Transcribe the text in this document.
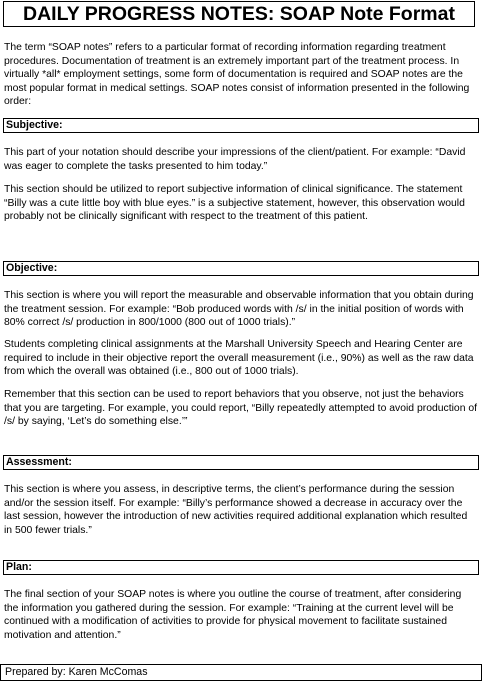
DAILY PROGRESS NOTES: SOAP Note Format

The term “SOAP notes” refers to a particular format of recording information regarding treatment procedures. Documentation of treatment is an extremely important part of the treatment process. In virtually *all* employment settings, some form of documentation is required and SOAP notes are the most popular format in medical settings. SOAP notes consist of information presented in the following order:

Subjective:

This part of your notation should describe your impressions of the client/patient. For example: “David was eager to complete the tasks presented to him today.”

This section should be utilized to report subjective information of clinical significance. The statement “Billy was a cute little boy with blue eyes.” is a subjective statement, however, this observation would probably not be clinically significant with respect to the treatment of this patient.

Objective:

This section is where you will report the measurable and observable information that you obtain during the treatment session. For example: “Bob produced words with /s/ in the initial position of words with 80% correct /s/ production in 800/1000 (800 out of 1000 trials).”

Students completing clinical assignments at the Marshall University Speech and Hearing Center are required to include in their objective report the overall measurement (i.e., 90%) as well as the raw data from which the overall was obtained (i.e., 800 out of 1000 trials).

Remember that this section can be used to report behaviors that you observe, not just the behaviors that you are targeting. For example, you could report, “Billy repeatedly attempted to avoid production of /s/ by saying, ‘Let’s do something else.’”

Assessment:

This section is where you assess, in descriptive terms, the client’s performance during the session and/or the session itself. For example: “Billy’s performance showed a decrease in accuracy over the last session, however the introduction of new activities required additional explanation which resulted in 500 fewer trials.”

Plan:

The final section of your SOAP notes is where you outline the course of treatment, after considering the information you gathered during the session. For example: “Training at the current level will be continued with a modification of activities to provide for physical movement to facilitate sustained motivation and attention.”

Prepared by: Karen McComas
